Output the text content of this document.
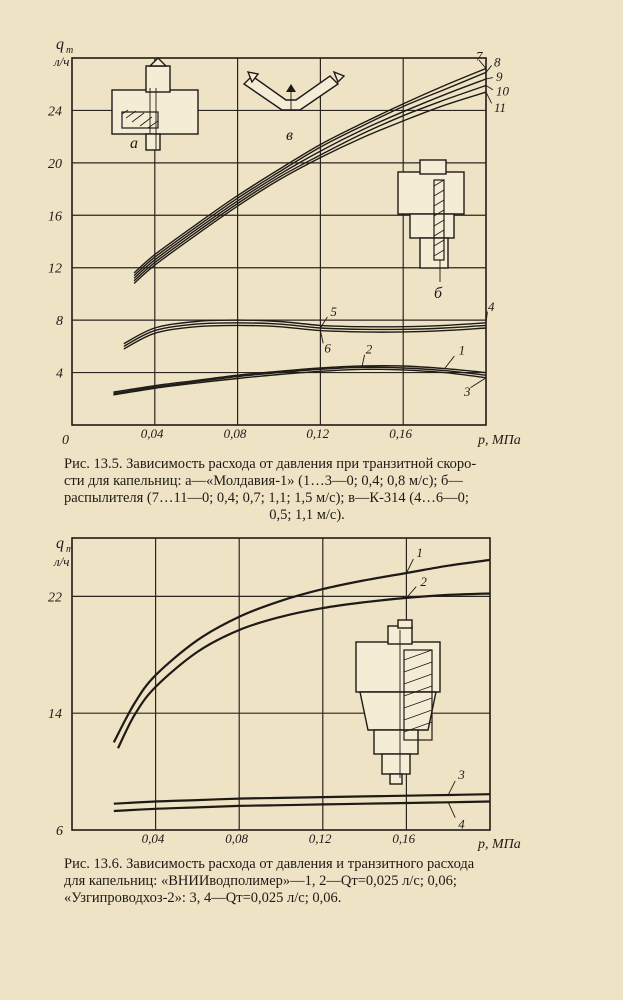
q т
л/ч
0	p, МПа
0,04	0,08	0,12	0,16
4
8
12
16
20
24
а	в
б
1
2
3
4
5
6
7 8
9
10
11
Рис. 13.5. Зависимость расхода от давления при транзитной скоро-
сти для капельниц: а—«Молдавия-1» (1…3—0; 0,4; 0,8 м/с); б—
распылителя (7…11—0; 0,4; 0,7; 1,1; 1,5 м/с); в—К-314 (4…6—0;
0,5; 1,1 м/с).
q т
л/ч
p, МПа
0,04	0,08	0,12	0,16
6
14
22
1
2
3
4
Рис. 13.6. Зависимость расхода от давления и транзитного расхода
для капельниц: «ВНИИводполимер»—1, 2—Qт=0,025 л/с; 0,06;
«Узгипроводхоз-2»: 3, 4—Qт=0,025 л/с; 0,06.
